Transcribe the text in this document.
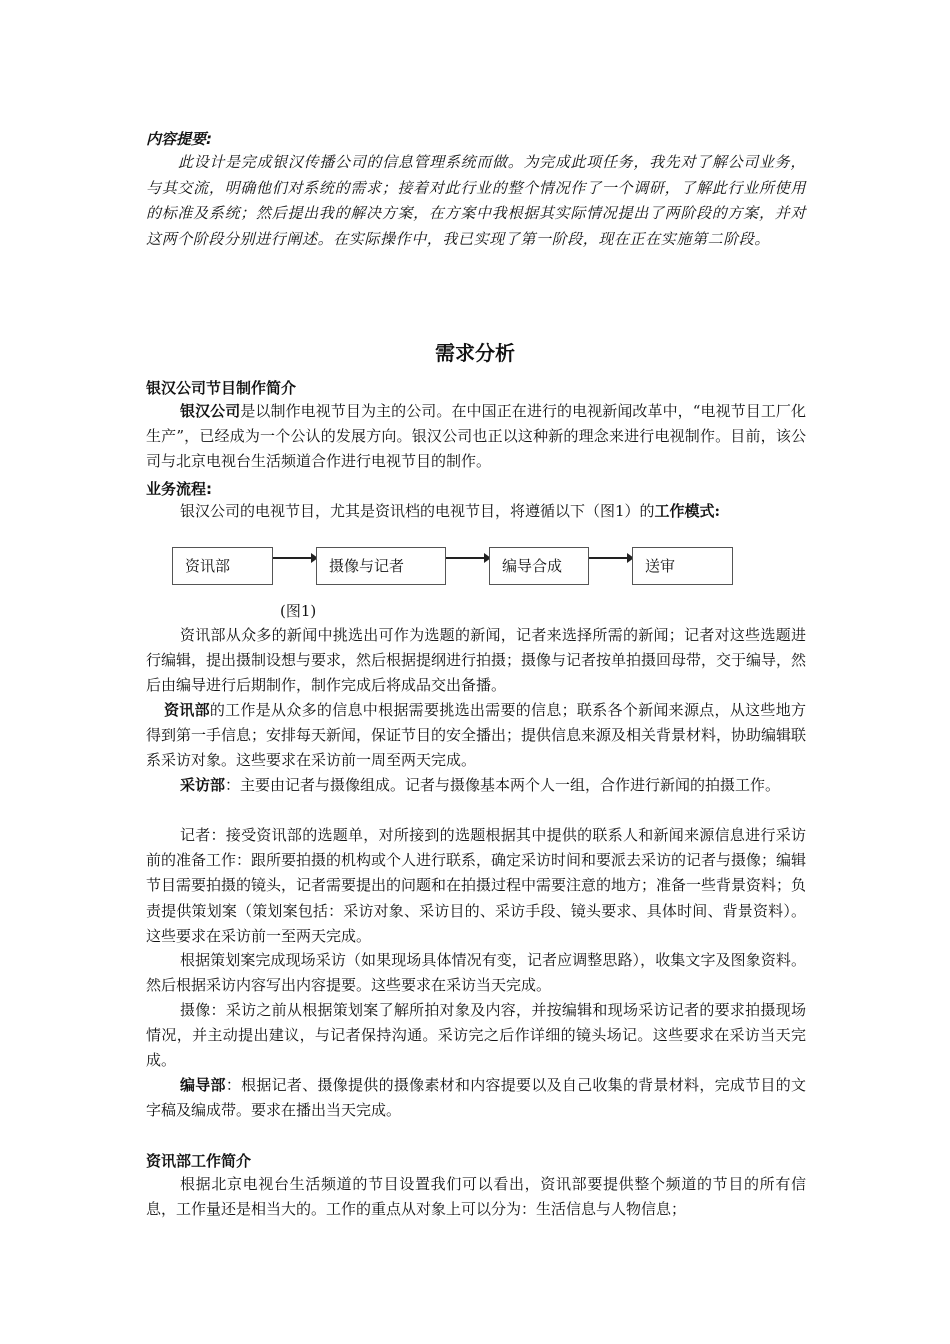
内容提要:
此设计是完成银汉传播公司的信息管理系统而做。为完成此项任务，我先对了解公司业务，与其交流，明确他们对系统的需求；接着对此行业的整个情况作了一个调研，了解此行业所使用的标准及系统；然后提出我的解决方案，在方案中我根据其实际情况提出了两阶段的方案，并对这两个阶段分别进行阐述。在实际操作中，我已实现了第一阶段，现在正在实施第二阶段。
需求分析
银汉公司节目制作简介
银汉公司是以制作电视节目为主的公司。在中国正在进行的电视新闻改革中，“电视节目工厂化生产”，已经成为一个公认的发展方向。银汉公司也正以这种新的理念来进行电视制作。目前，该公司与北京电视台生活频道合作进行电视节目的制作。
业务流程:
银汉公司的电视节目，尤其是资讯档的电视节目，将遵循以下（图1）的工作模式:
资讯部	摄像与记者	编导合成	送审
(图1)
资讯部从众多的新闻中挑选出可作为选题的新闻，记者来选择所需的新闻；记者对这些选题进行编辑，提出摄制设想与要求，然后根据提纲进行拍摄；摄像与记者按单拍摄回母带，交于编导，然后由编导进行后期制作，制作完成后将成品交出备播。
资讯部的工作是从众多的信息中根据需要挑选出需要的信息；联系各个新闻来源点，从这些地方得到第一手信息；安排每天新闻，保证节目的安全播出；提供信息来源及相关背景材料，协助编辑联系采访对象。这些要求在采访前一周至两天完成。
采访部：主要由记者与摄像组成。记者与摄像基本两个人一组，合作进行新闻的拍摄工作。
记者：接受资讯部的选题单，对所接到的选题根据其中提供的联系人和新闻来源信息进行采访前的准备工作：跟所要拍摄的机构或个人进行联系，确定采访时间和要派去采访的记者与摄像；编辑节目需要拍摄的镜头，记者需要提出的问题和在拍摄过程中需要注意的地方；准备一些背景资料；负责提供策划案（策划案包括：采访对象、采访目的、采访手段、镜头要求、具体时间、背景资料）。这些要求在采访前一至两天完成。
根据策划案完成现场采访（如果现场具体情况有变，记者应调整思路），收集文字及图象资料。然后根据采访内容写出内容提要。这些要求在采访当天完成。
摄像：采访之前从根据策划案了解所拍对象及内容，并按编辑和现场采访记者的要求拍摄现场情况，并主动提出建议，与记者保持沟通。采访完之后作详细的镜头场记。这些要求在采访当天完成。
编导部：根据记者、摄像提供的摄像素材和内容提要以及自己收集的背景材料，完成节目的文字稿及编成带。要求在播出当天完成。
资讯部工作简介
根据北京电视台生活频道的节目设置我们可以看出，资讯部要提供整个频道的节目的所有信息，工作量还是相当大的。工作的重点从对象上可以分为：生活信息与人物信息；
